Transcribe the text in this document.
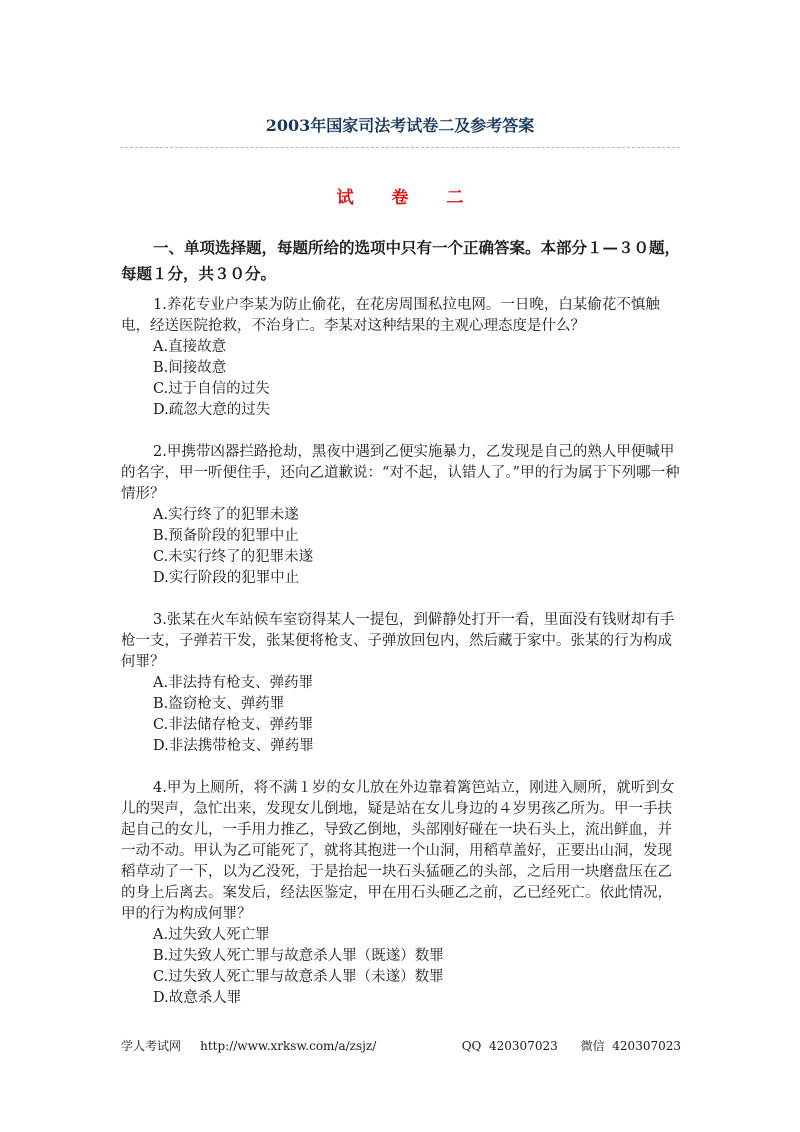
2003年国家司法考试卷二及参考答案
试 卷 二

一、单项选择题，每题所给的选项中只有一个正确答案。本部分１—３０题，每题１分，共３０分。

1.养花专业户李某为防止偷花，在花房周围私拉电网。一日晚，白某偷花不慎触电，经送医院抢救，不治身亡。李某对这种结果的主观心理态度是什么？

A.直接故意

B.间接故意

C.过于自信的过失

D.疏忽大意的过失

2.甲携带凶器拦路抢劫，黑夜中遇到乙便实施暴力，乙发现是自己的熟人甲便喊甲的名字，甲一听便住手，还向乙道歉说：“对不起，认错人了。”甲的行为属于下列哪一种情形？

A.实行终了的犯罪未遂

B.预备阶段的犯罪中止

C.未实行终了的犯罪未遂

D.实行阶段的犯罪中止

3.张某在火车站候车室窃得某人一提包，到僻静处打开一看，里面没有钱财却有手枪一支，子弹若干发，张某便将枪支、子弹放回包内，然后藏于家中。张某的行为构成何罪？

A.非法持有枪支、弹药罪

B.盗窃枪支、弹药罪

C.非法储存枪支、弹药罪

D.非法携带枪支、弹药罪

4.甲为上厕所，将不满１岁的女儿放在外边靠着篱笆站立，刚进入厕所，就听到女儿的哭声，急忙出来，发现女儿倒地，疑是站在女儿身边的４岁男孩乙所为。甲一手扶起自己的女儿，一手用力推乙，导致乙倒地，头部刚好碰在一块石头上，流出鲜血，并一动不动。甲认为乙可能死了，就将其抱进一个山洞，用稻草盖好，正要出山洞，发现稻草动了一下，以为乙没死，于是抬起一块石头猛砸乙的头部，之后用一块磨盘压在乙的身上后离去。案发后，经法医鉴定，甲在用石头砸乙之前，乙已经死亡。依此情况，甲的行为构成何罪？

A.过失致人死亡罪

B.过失致人死亡罪与故意杀人罪（既遂）数罪

C.过失致人死亡罪与故意杀人罪（未遂）数罪

D.故意杀人罪

学人考试网 http://www.xrksw.com/a/zsjz/	QQ  420307023 微信  420307023
